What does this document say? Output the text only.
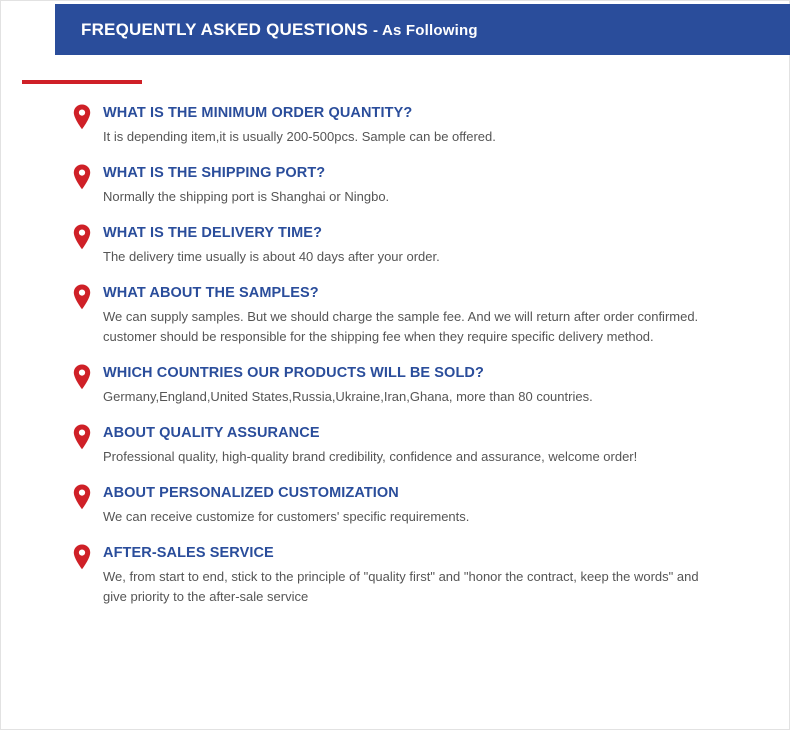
FREQUENTLY ASKED QUESTIONS - As Following

WHAT IS THE MINIMUM ORDER QUANTITY?

It is depending item,it is usually 200-500pcs. Sample can be offered.

WHAT IS THE SHIPPING PORT?

Normally the shipping port is Shanghai or Ningbo.

WHAT IS THE DELIVERY TIME?

The delivery time usually is about 40 days after your order.

WHAT ABOUT THE SAMPLES?

We can supply samples. But we should charge the sample fee. And we will return after order confirmed. customer should be responsible for the shipping fee when they require specific delivery method.

WHICH COUNTRIES OUR PRODUCTS WILL BE SOLD?

Germany,England,United States,Russia,Ukraine,Iran,Ghana, more than 80 countries.

ABOUT QUALITY ASSURANCE

Professional quality, high-quality brand credibility, confidence and assurance, welcome order!

ABOUT PERSONALIZED CUSTOMIZATION

We can receive customize for customers' specific requirements.

AFTER-SALES SERVICE

We, from start to end, stick to the principle of "quality first" and "honor the contract, keep the words" and give priority to the after-sale service
